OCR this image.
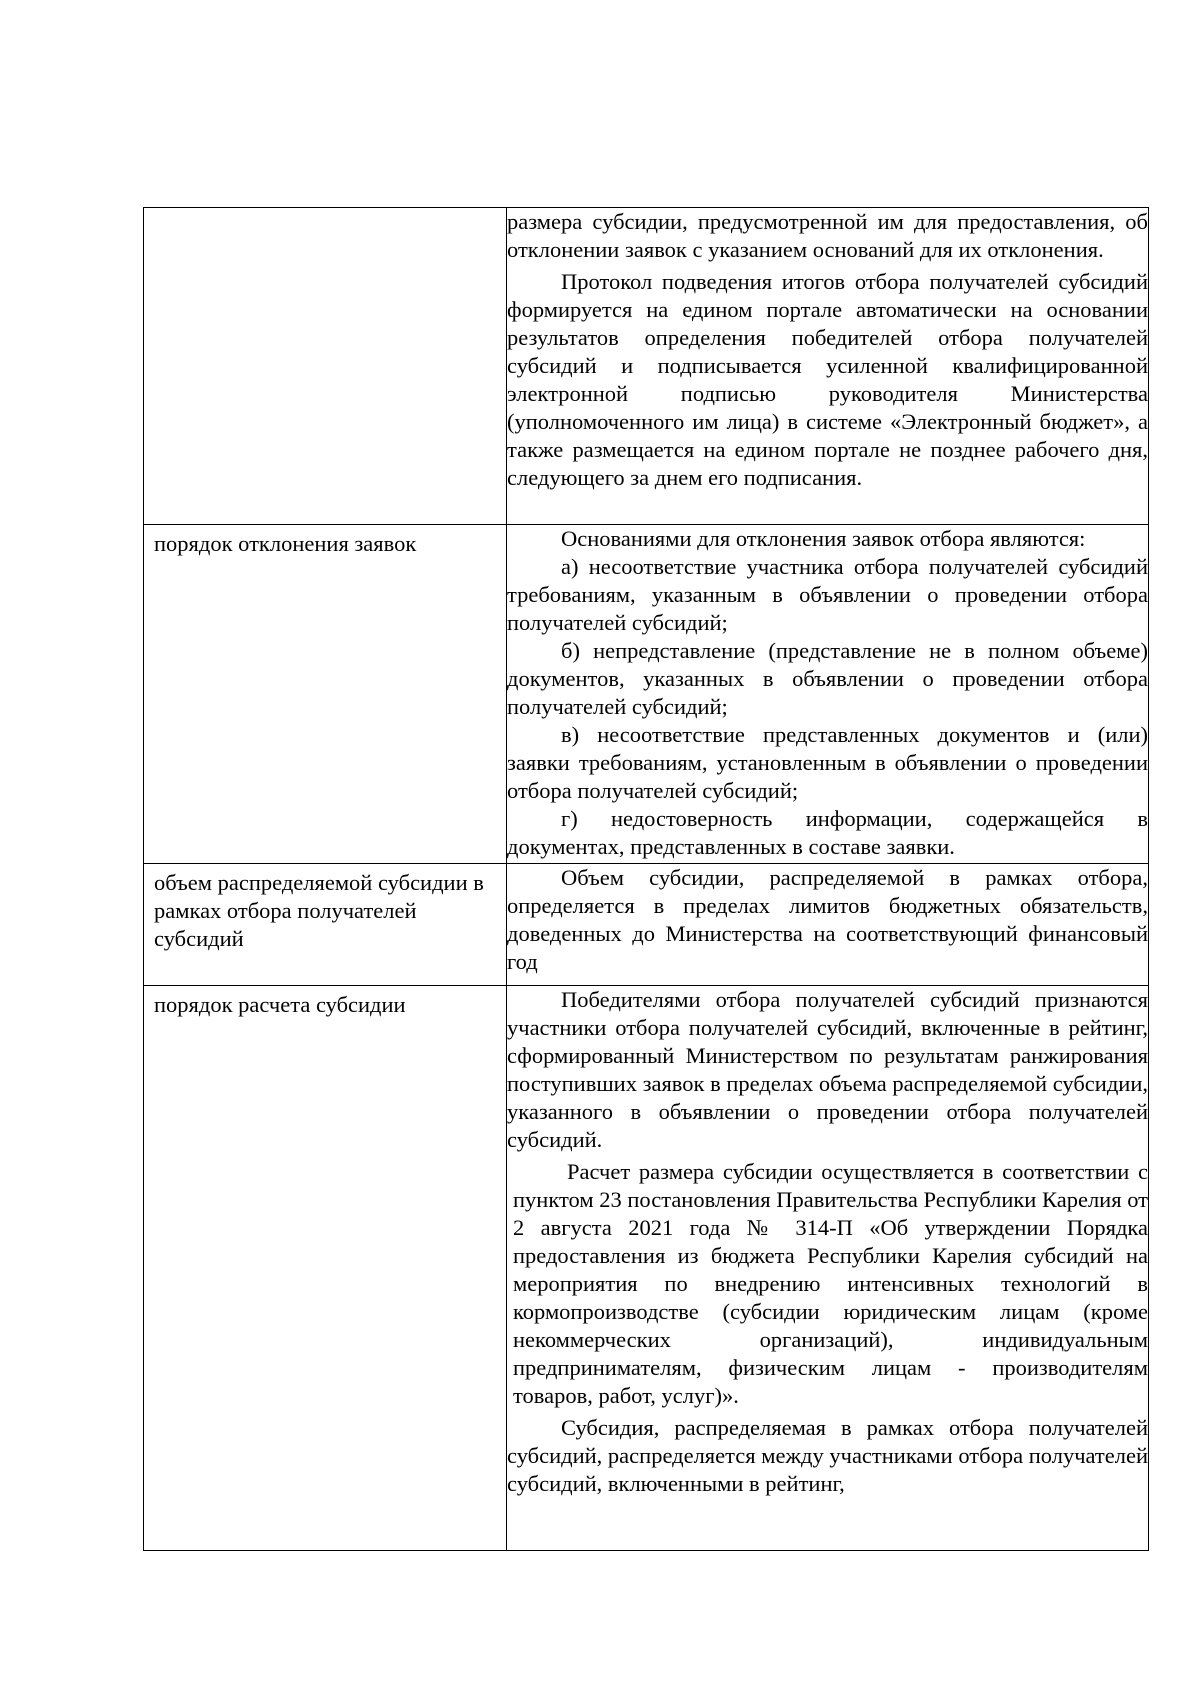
	размера субсидии, предусмотренной им для предоставления, об отклонении заявок с указанием оснований для их отклонения.

Протокол подведения итогов отбора получателей субсидий формируется на едином портале автоматически на основании результатов определения победителей отбора получателей субсидий и подписывается усиленной квалифицированной электронной подписью руководителя Министерства (уполномоченного им лица) в системе «Электронный бюджет», а также размещается на едином портале не позднее рабочего дня, следующего за днем его подписания.

порядок отклонения заявок	Основаниями для отклонения заявок отбора являются:

а) несоответствие участника отбора получателей субсидий требованиям, указанным в объявлении о проведении отбора получателей субсидий;

б) непредставление (представление не в полном объеме) документов, указанных в объявлении о проведении отбора получателей субсидий;

в) несоответствие представленных документов и (или) заявки требованиям, установленным в объявлении о проведении отбора получателей субсидий;

г) недостоверность информации, содержащейся в документах, представленных в составе заявки.

объем распределяемой субсидии в рамках отбора получателей субсидий	Объем субсидии, распределяемой в рамках отбора, определяется в пределах лимитов бюджетных обязательств, доведенных до Министерства на соответствующий финансовый год

порядок расчета субсидии	Победителями отбора получателей субсидий признаются участники отбора получателей субсидий, включенные в рейтинг, сформированный Министерством по результатам ранжирования поступивших заявок в пределах объема распределяемой субсидии, указанного в объявлении о проведении отбора получателей субсидий.

Расчет размера субсидии осуществляется в соответствии с пунктом 23 постановления Правительства Республики Карелия от 2 августа 2021 года № 314-П «Об утверждении Порядка предоставления из бюджета Республики Карелия субсидий на мероприятия по внедрению интенсивных технологий в кормопроизводстве (субсидии юридическим лицам (кроме некоммерческих организаций), индивидуальным предпринимателям, физическим лицам - производителям товаров, работ, услуг)».

Субсидия, распределяемая в рамках отбора получателей субсидий, распределяется между участниками отбора получателей субсидий, включенными в рейтинг,
